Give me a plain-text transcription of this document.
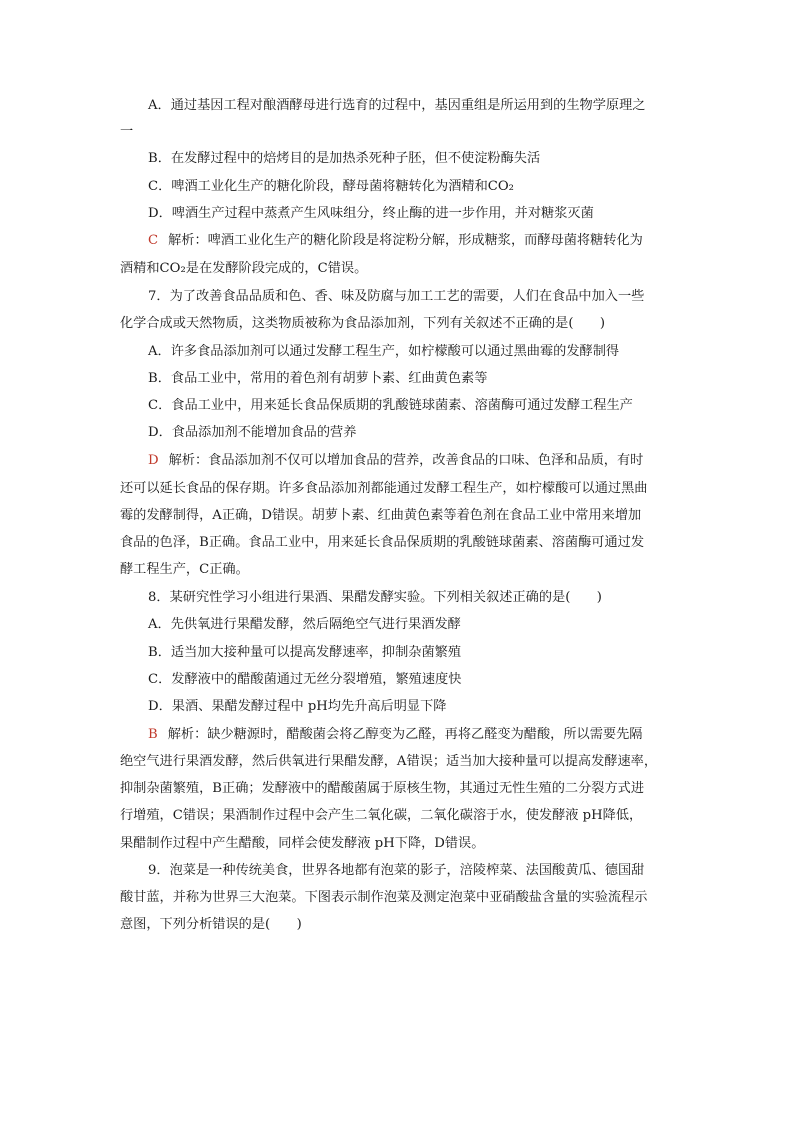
A．通过基因工程对酿酒酵母进行选育的过程中，基因重组是所运用到的生物学原理之
一
B．在发酵过程中的焙烤目的是加热杀死种子胚，但不使淀粉酶失活
C．啤酒工业化生产的糖化阶段，酵母菌将糖转化为酒精和CO₂
D．啤酒生产过程中蒸煮产生风味组分，终止酶的进一步作用，并对糖浆灭菌
C 解析：啤酒工业化生产的糖化阶段是将淀粉分解，形成糖浆，而酵母菌将糖转化为
酒精和CO₂是在发酵阶段完成的，C错误。
7．为了改善食品品质和色、香、味及防腐与加工工艺的需要，人们在食品中加入一些
化学合成或天然物质，这类物质被称为食品添加剂，下列有关叙述不正确的是(　　)
A．许多食品添加剂可以通过发酵工程生产，如柠檬酸可以通过黑曲霉的发酵制得
B．食品工业中，常用的着色剂有胡萝卜素、红曲黄色素等
C．食品工业中，用来延长食品保质期的乳酸链球菌素、溶菌酶可通过发酵工程生产
D．食品添加剂不能增加食品的营养
D 解析：食品添加剂不仅可以增加食品的营养，改善食品的口味、色泽和品质，有时
还可以延长食品的保存期。许多食品添加剂都能通过发酵工程生产，如柠檬酸可以通过黑曲
霉的发酵制得，A正确，D错误。胡萝卜素、红曲黄色素等着色剂在食品工业中常用来增加
食品的色泽，B正确。食品工业中，用来延长食品保质期的乳酸链球菌素、溶菌酶可通过发
酵工程生产，C正确。
8．某研究性学习小组进行果酒、果醋发酵实验。下列相关叙述正确的是(　　)
A．先供氧进行果醋发酵，然后隔绝空气进行果酒发酵
B．适当加大接种量可以提高发酵速率，抑制杂菌繁殖
C．发酵液中的醋酸菌通过无丝分裂增殖，繁殖速度快
D．果酒、果醋发酵过程中 pH均先升高后明显下降
B 解析：缺少糖源时，醋酸菌会将乙醇变为乙醛，再将乙醛变为醋酸，所以需要先隔
绝空气进行果酒发酵，然后供氧进行果醋发酵，A错误；适当加大接种量可以提高发酵速率，
抑制杂菌繁殖，B正确；发酵液中的醋酸菌属于原核生物，其通过无性生殖的二分裂方式进
行增殖，C错误；果酒制作过程中会产生二氧化碳，二氧化碳溶于水，使发酵液 pH降低，
果醋制作过程中产生醋酸，同样会使发酵液 pH下降，D错误。
9．泡菜是一种传统美食，世界各地都有泡菜的影子，涪陵榨菜、法国酸黄瓜、德国甜
酸甘蓝，并称为世界三大泡菜。下图表示制作泡菜及测定泡菜中亚硝酸盐含量的实验流程示
意图，下列分析错误的是(　　)
